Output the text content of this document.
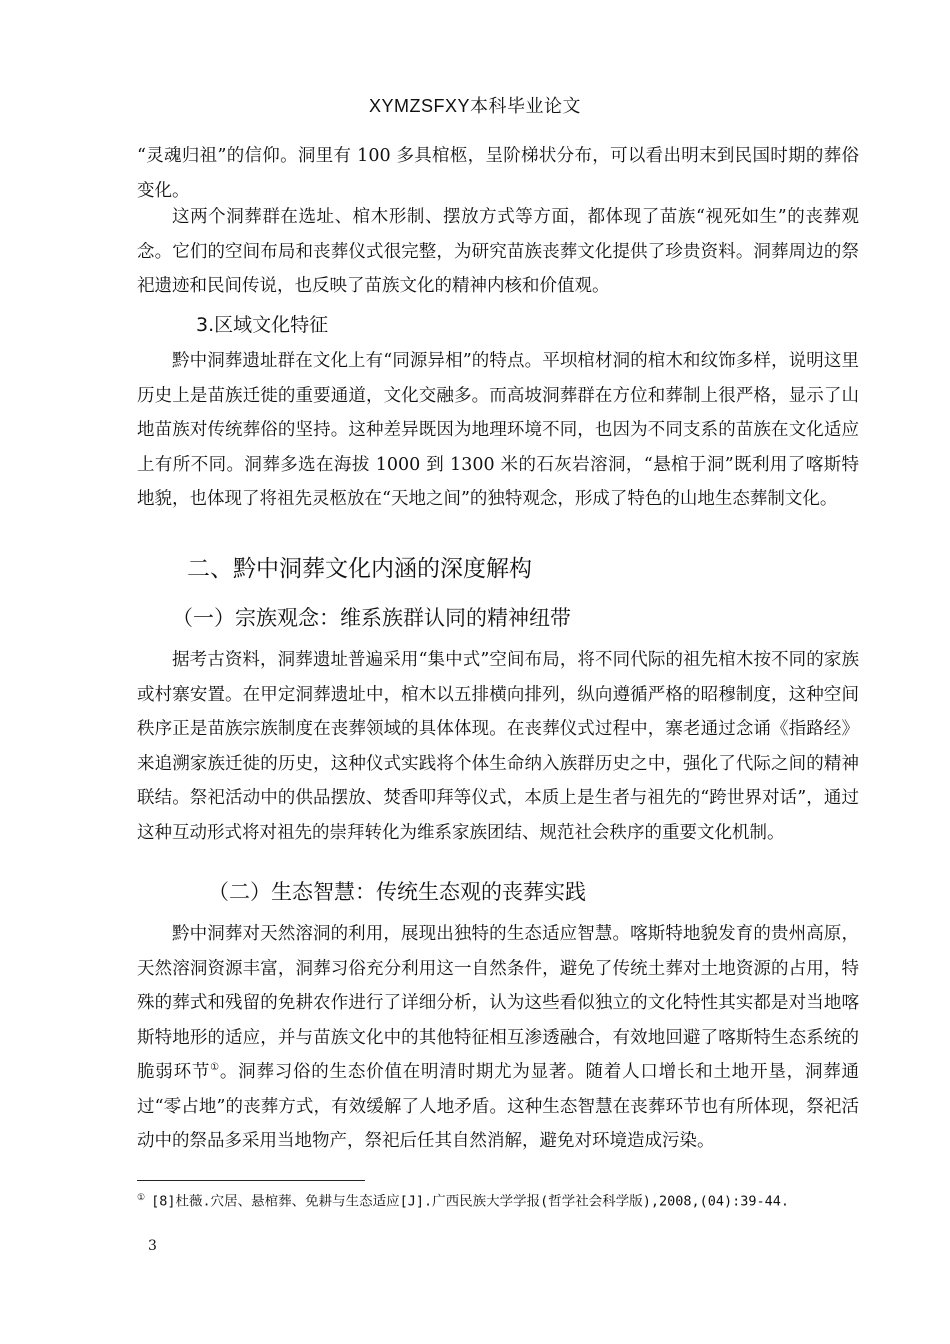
XYMZSFXY本科毕业论文

“灵魂归祖”的信仰。洞里有 100 多具棺柩，呈阶梯状分布，可以看出明末到民国时期的葬俗变化。

这两个洞葬群在选址、棺木形制、摆放方式等方面，都体现了苗族“视死如生”的丧葬观念。它们的空间布局和丧葬仪式很完整，为研究苗族丧葬文化提供了珍贵资料。洞葬周边的祭祀遗迹和民间传说，也反映了苗族文化的精神内核和价值观。

3.区域文化特征

黔中洞葬遗址群在文化上有“同源异相”的特点。平坝棺材洞的棺木和纹饰多样，说明这里历史上是苗族迁徙的重要通道，文化交融多。而高坡洞葬群在方位和葬制上很严格，显示了山地苗族对传统葬俗的坚持。这种差异既因为地理环境不同，也因为不同支系的苗族在文化适应上有所不同。洞葬多选在海拔 1000 到 1300 米的石灰岩溶洞，“悬棺于洞”既利用了喀斯特地貌，也体现了将祖先灵柩放在“天地之间”的独特观念，形成了特色的山地生态葬制文化。

二、黔中洞葬文化内涵的深度解构
（一）宗族观念：维系族群认同的精神纽带

据考古资料，洞葬遗址普遍采用“集中式”空间布局，将不同代际的祖先棺木按不同的家族或村寨安置。在甲定洞葬遗址中，棺木以五排横向排列，纵向遵循严格的昭穆制度，这种空间秩序正是苗族宗族制度在丧葬领域的具体体现。在丧葬仪式过程中，寨老通过念诵《指路经》来追溯家族迁徙的历史，这种仪式实践将个体生命纳入族群历史之中，强化了代际之间的精神联结。祭祀活动中的供品摆放、焚香叩拜等仪式，本质上是生者与祖先的“跨世界对话”，通过这种互动形式将对祖先的崇拜转化为维系家族团结、规范社会秩序的重要文化机制。

（二）生态智慧：传统生态观的丧葬实践

黔中洞葬对天然溶洞的利用，展现出独特的生态适应智慧。喀斯特地貌发育的贵州高原，天然溶洞资源丰富，洞葬习俗充分利用这一自然条件，避免了传统土葬对土地资源的占用，特殊的葬式和残留的免耕农作进行了详细分析，认为这些看似独立的文化特性其实都是对当地喀斯特地形的适应，并与苗族文化中的其他特征相互渗透融合，有效地回避了喀斯特生态系统的脆弱环节①。洞葬习俗的生态价值在明清时期尤为显著。随着人口增长和土地开垦，洞葬通过“零占地”的丧葬方式，有效缓解了人地矛盾。这种生态智慧在丧葬环节也有所体现，祭祀活动中的祭品多采用当地物产，祭祀后任其自然消解，避免对环境造成污染。

① [8]杜薇.穴居、悬棺葬、免耕与生态适应[J].广西民族大学学报(哲学社会科学版),2008,(04):39-44.
3
